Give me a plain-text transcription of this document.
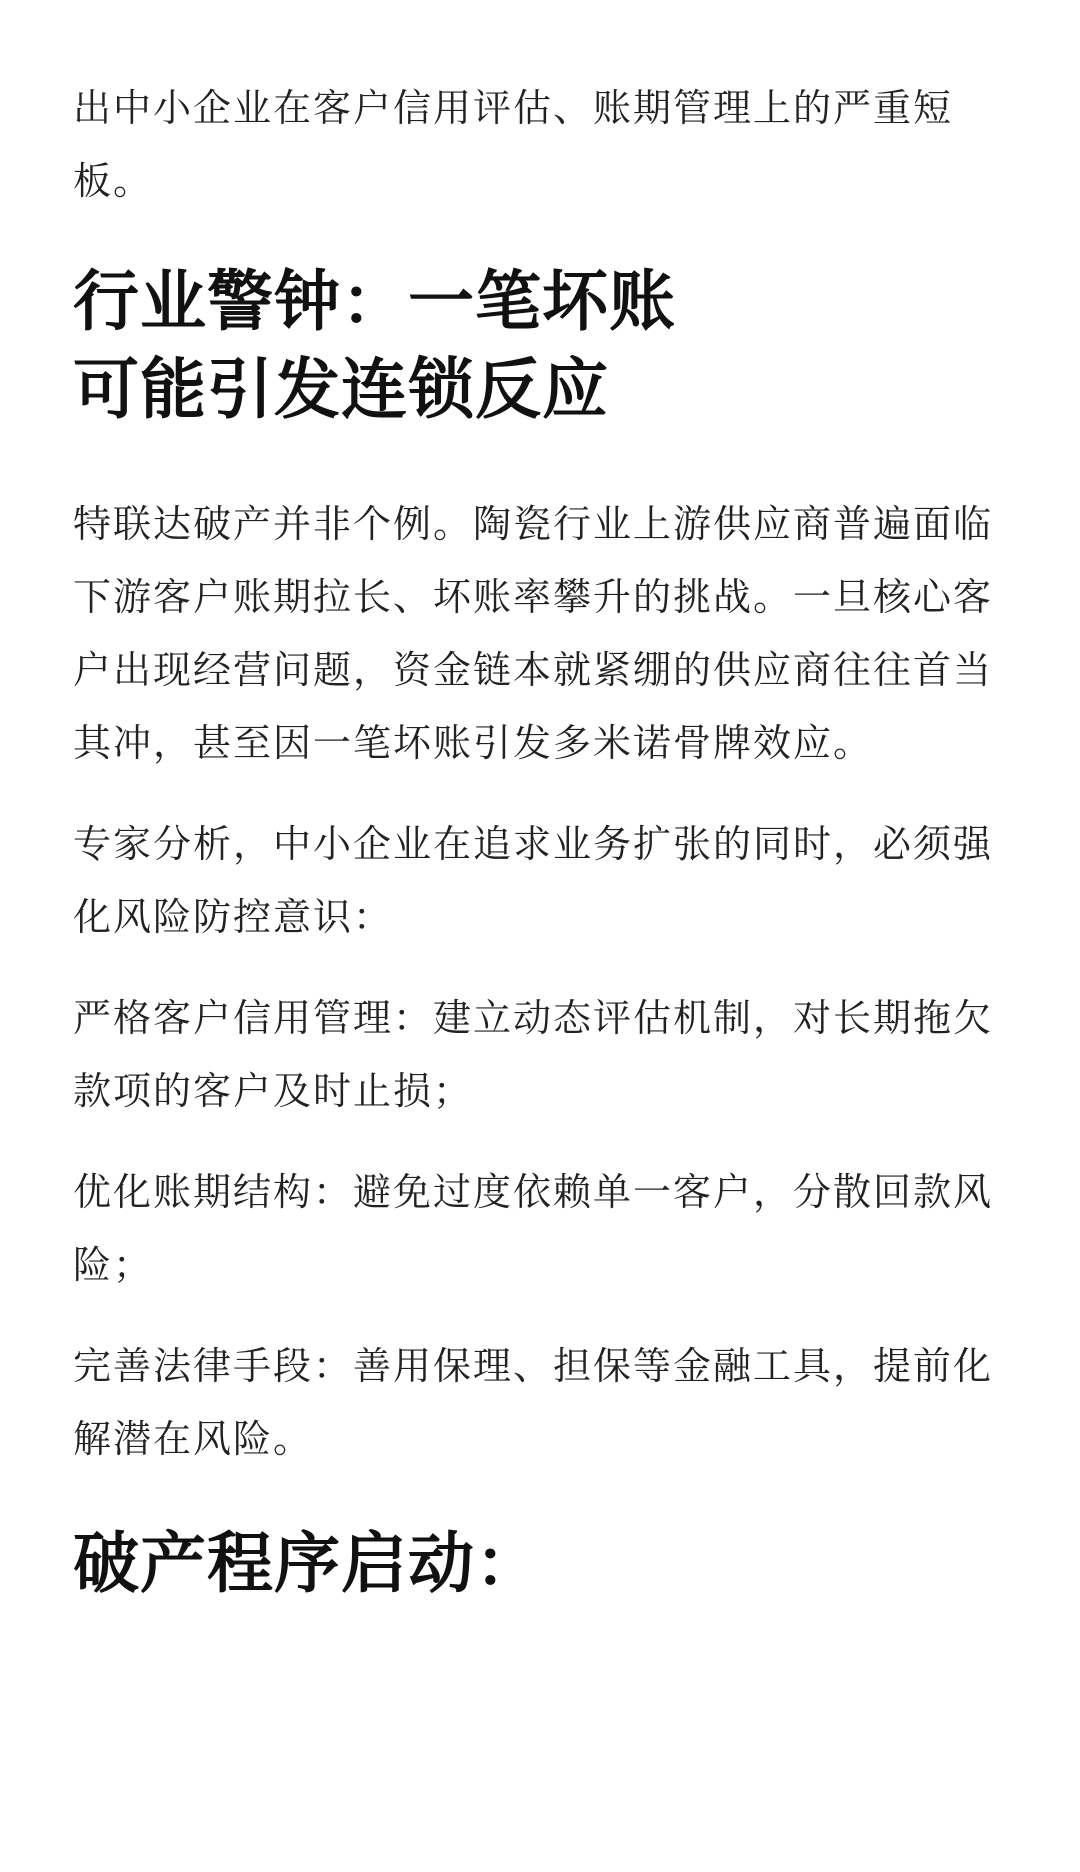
出中小企业在客户信用评估、账期管理上的严重短板。

行业警钟：一笔坏账
可能引发连锁反应

特联达破产并非个例。陶瓷行业上游供应商普遍面临下游客户账期拉长、坏账率攀升的挑战。一旦核心客户出现经营问题，资金链本就紧绷的供应商往往首当其冲，甚至因一笔坏账引发多米诺骨牌效应。

专家分析，中小企业在追求业务扩张的同时，必须强化风险防控意识：

严格客户信用管理：建立动态评估机制，对长期拖欠款项的客户及时止损；

优化账期结构：避免过度依赖单一客户，分散回款风险；

完善法律手段：善用保理、担保等金融工具，提前化解潜在风险。

破产程序启动：
